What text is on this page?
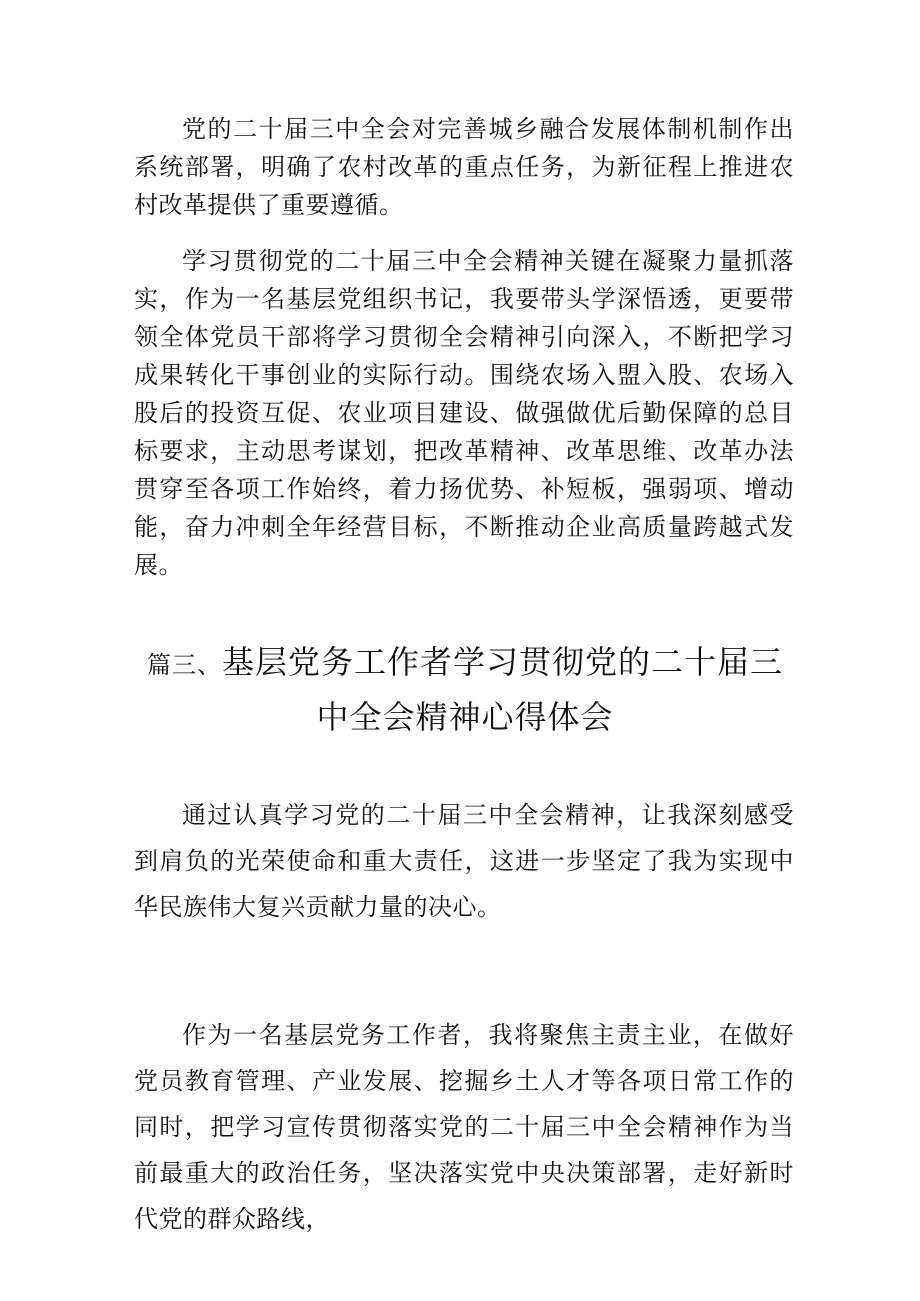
党的二十届三中全会对完善城乡融合发展体制机制作出系统部署，明确了农村改革的重点任务，为新征程上推进农村改革提供了重要遵循。

学习贯彻党的二十届三中全会精神关键在凝聚力量抓落实，作为一名基层党组织书记，我要带头学深悟透，更要带领全体党员干部将学习贯彻全会精神引向深入，不断把学习成果转化干事创业的实际行动。围绕农场入盟入股、农场入股后的投资互促、农业项目建设、做强做优后勤保障的总目标要求，主动思考谋划，把改革精神、改革思维、改革办法贯穿至各项工作始终，着力扬优势、补短板，强弱项、增动能，奋力冲刺全年经营目标，不断推动企业高质量跨越式发展。

篇三、基层党务工作者学习贯彻党的二十届三中全会精神心得体会

通过认真学习党的二十届三中全会精神，让我深刻感受到肩负的光荣使命和重大责任，这进一步坚定了我为实现中华民族伟大复兴贡献力量的决心。

作为一名基层党务工作者，我将聚焦主责主业，在做好党员教育管理、产业发展、挖掘乡土人才等各项日常工作的同时，把学习宣传贯彻落实党的二十届三中全会精神作为当前最重大的政治任务，坚决落实党中央决策部署，走好新时代党的群众路线，
